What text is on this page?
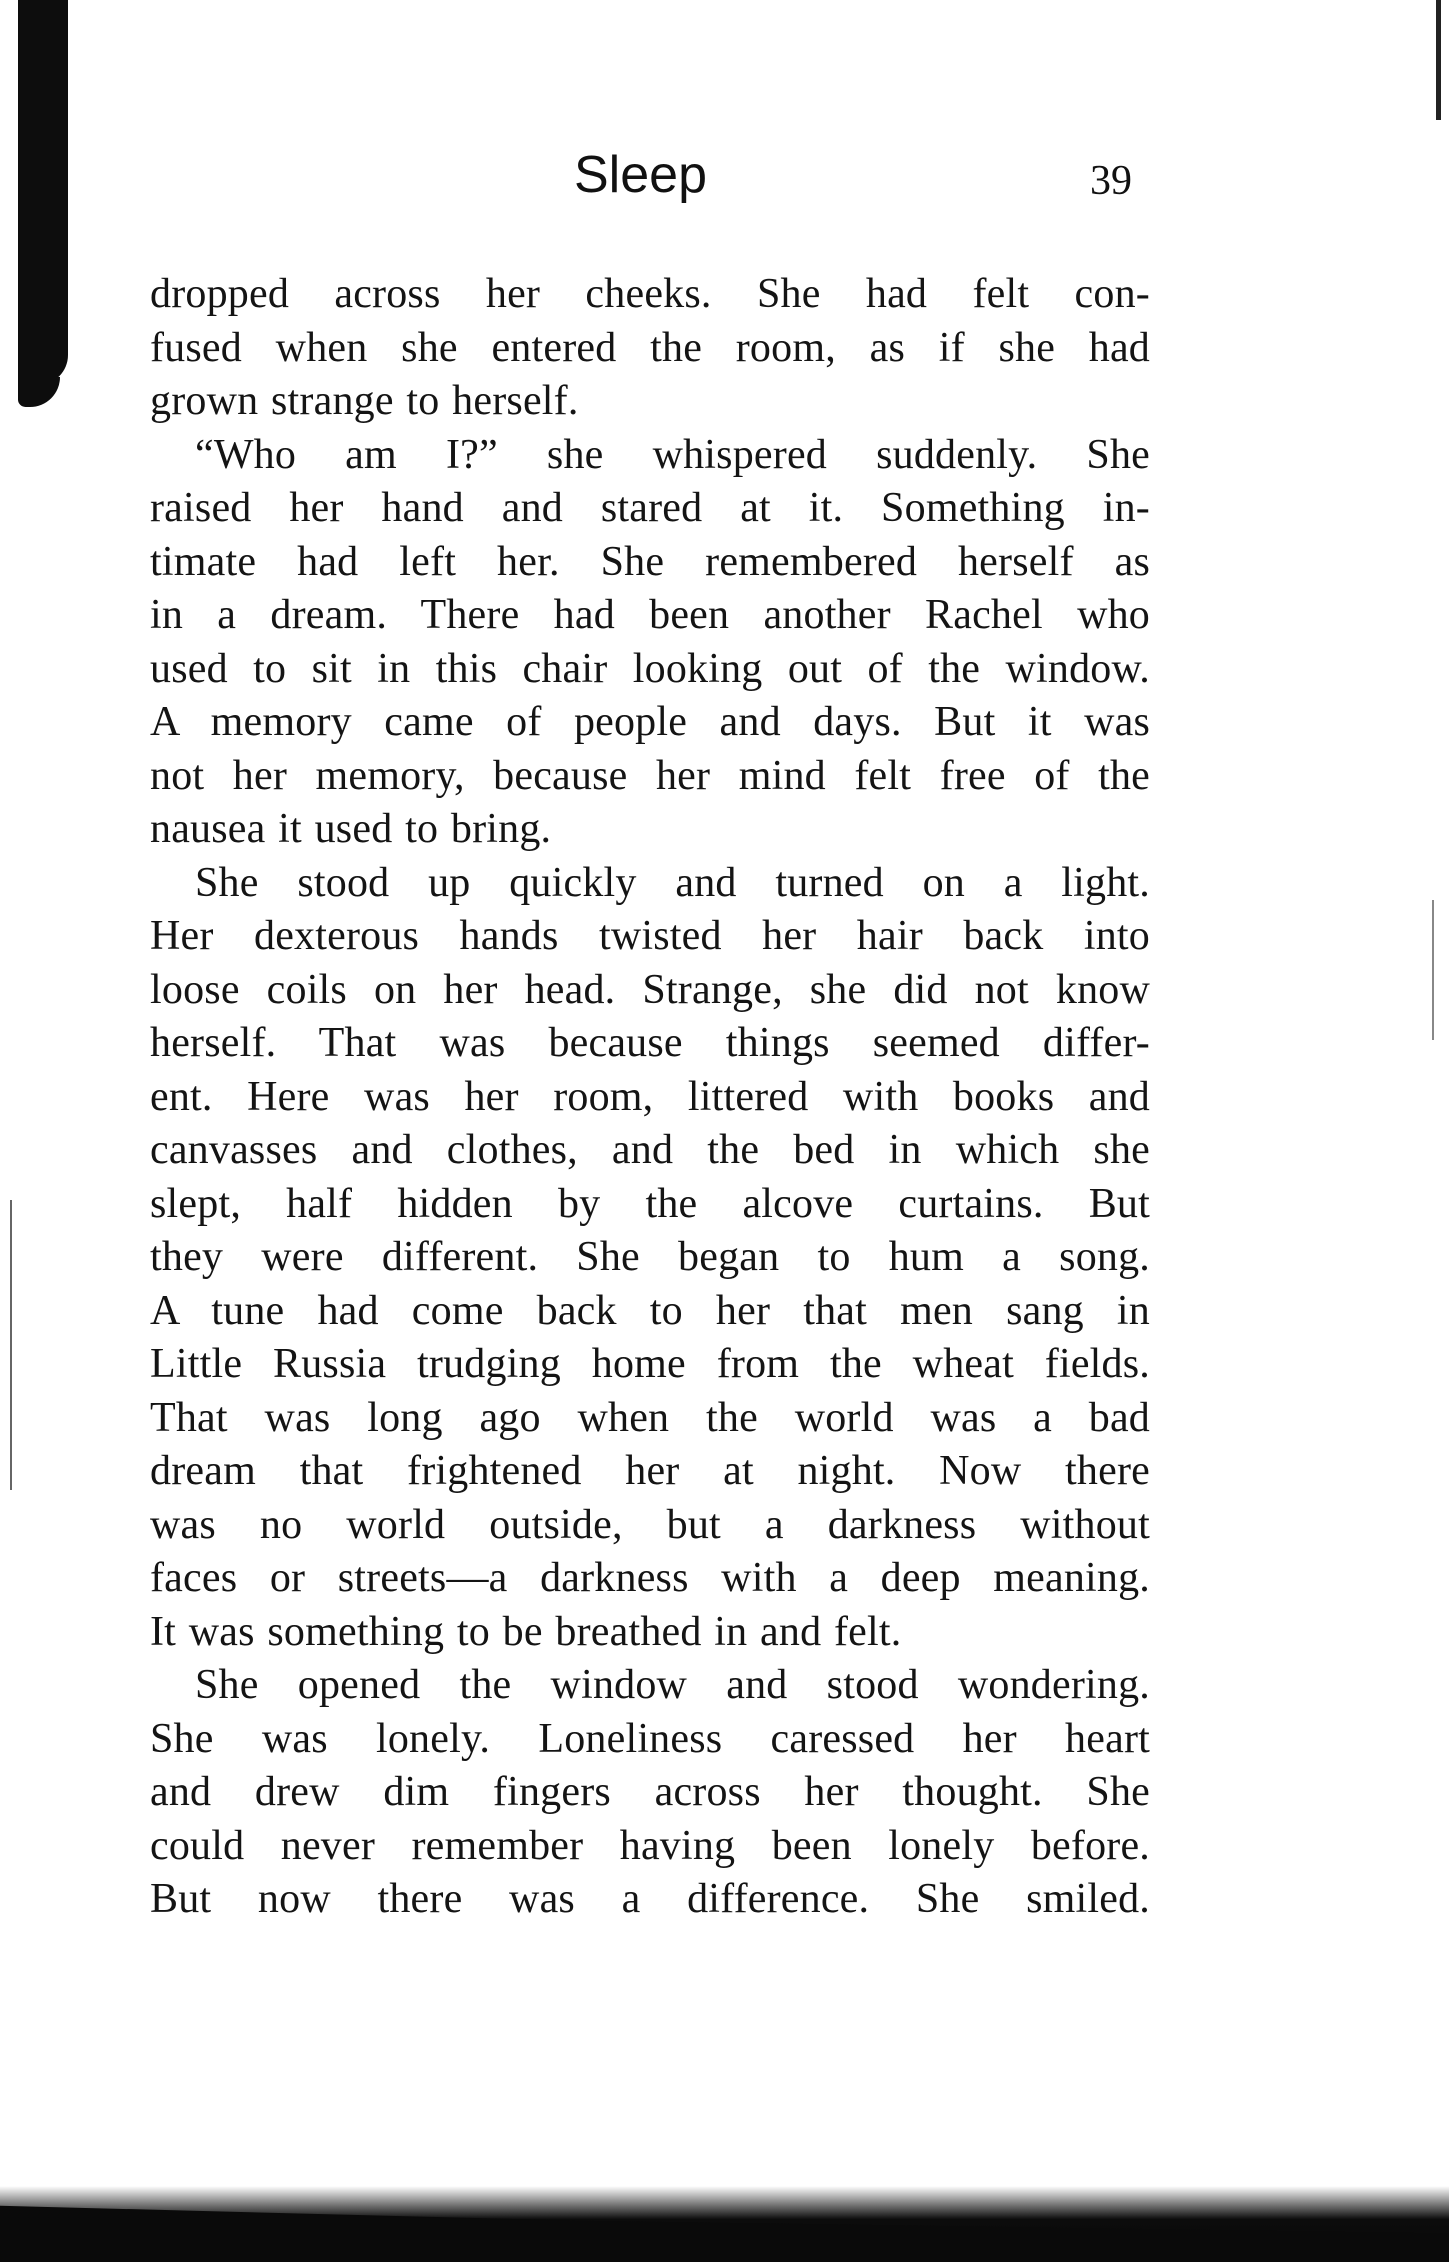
Sleep	39

dropped across her cheeks. She had felt con-
fused when she entered the room, as if she had
grown strange to herself.

“Who am I?” she whispered suddenly. She
raised her hand and stared at it. Something in-
timate had left her. She remembered herself as
in a dream. There had been another Rachel who
used to sit in this chair looking out of the window.
A memory came of people and days. But it was
not her memory, because her mind felt free of the
nausea it used to bring.

She stood up quickly and turned on a light.
Her dexterous hands twisted her hair back into
loose coils on her head. Strange, she did not know
herself. That was because things seemed differ-
ent. Here was her room, littered with books and
canvasses and clothes, and the bed in which she
slept, half hidden by the alcove curtains. But
they were different. She began to hum a song.
A tune had come back to her that men sang in
Little Russia trudging home from the wheat fields.
That was long ago when the world was a bad
dream that frightened her at night. Now there
was no world outside, but a darkness without
faces or streets—a darkness with a deep meaning.
It was something to be breathed in and felt.

She opened the window and stood wondering.
She was lonely. Loneliness caressed her heart
and drew dim fingers across her thought. She
could never remember having been lonely before.
But now there was a difference. She smiled.
